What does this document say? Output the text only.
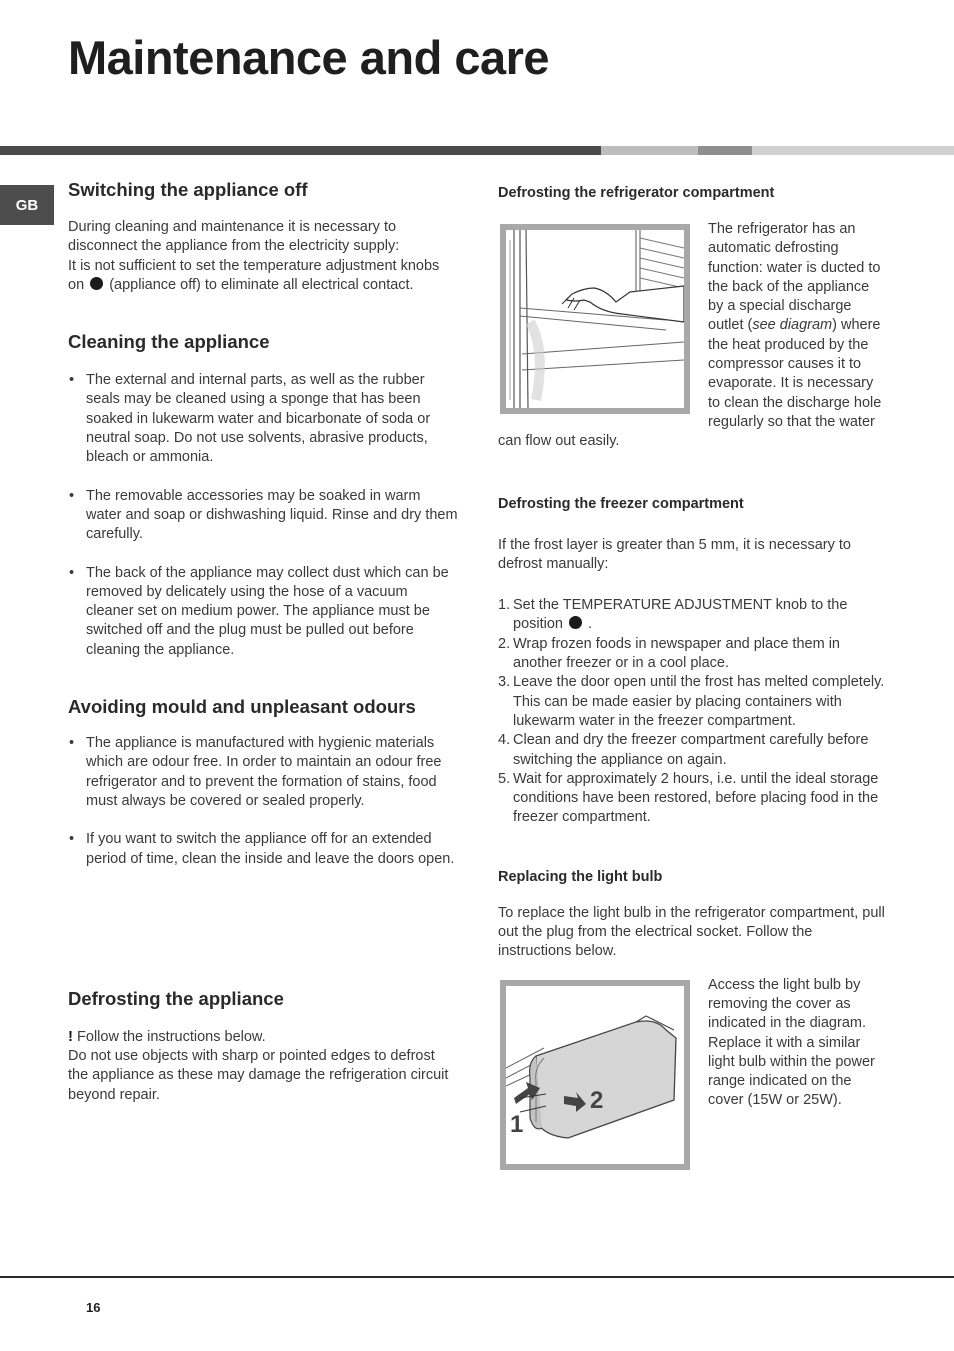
Maintenance and care
GB
Switching the appliance off
During cleaning and maintenance it is necessary to disconnect the appliance from the electricity supply:
It is not sufficient to set the temperature adjustment knobs on (appliance off) to eliminate all electrical contact.
Cleaning the appliance
• The external and internal parts, as well as the rubber seals may be cleaned using a sponge that has been soaked in lukewarm water and bicarbonate of soda or neutral soap. Do not use solvents, abrasive products, bleach or ammonia.
• The removable accessories may be soaked in warm water and soap or dishwashing liquid. Rinse and dry them carefully.
• The back of the appliance may collect dust which can be removed by delicately using the hose of a vacuum cleaner set on medium power. The appliance must be switched off and the plug must be pulled out before cleaning the appliance.
Avoiding mould and unpleasant odours
• The appliance is manufactured with hygienic materials which are odour free. In order to maintain an odour free refrigerator and to prevent the formation of stains, food must always be covered or sealed properly.
• If you want to switch the appliance off for an extended period of time, clean the inside and leave the doors open.
Defrosting the appliance
! Follow the instructions below.
Do not use objects with sharp or pointed edges to defrost the appliance as these may damage the refrigeration circuit beyond repair.
Defrosting the refrigerator compartment
The refrigerator has an automatic defrosting function: water is ducted to the back of the appliance by a special discharge outlet (see diagram) where the heat produced by the compressor causes it to evaporate. It is necessary to clean the discharge hole regularly so that the water can flow out easily.
Defrosting the freezer compartment
If the frost layer is greater than 5 mm, it is necessary to defrost manually:
1. Set the TEMPERATURE ADJUSTMENT knob to the position .
2. Wrap frozen foods in newspaper and place them in another freezer or in a cool place.
3. Leave the door open until the frost has melted completely. This can be made easier by placing containers with lukewarm water in the freezer compartment.
4. Clean and dry the freezer compartment carefully before switching the appliance on again.
5. Wait for approximately 2 hours, i.e. until the ideal storage conditions have been restored, before placing food in the freezer compartment.
Replacing the light bulb
To replace the light bulb in the refrigerator compartment, pull out the plug from the electrical socket. Follow the instructions below.
1
2
Access the light bulb by removing the cover as indicated in the diagram. Replace it with a similar light bulb within the power range indicated on the cover (15W or 25W).
16
